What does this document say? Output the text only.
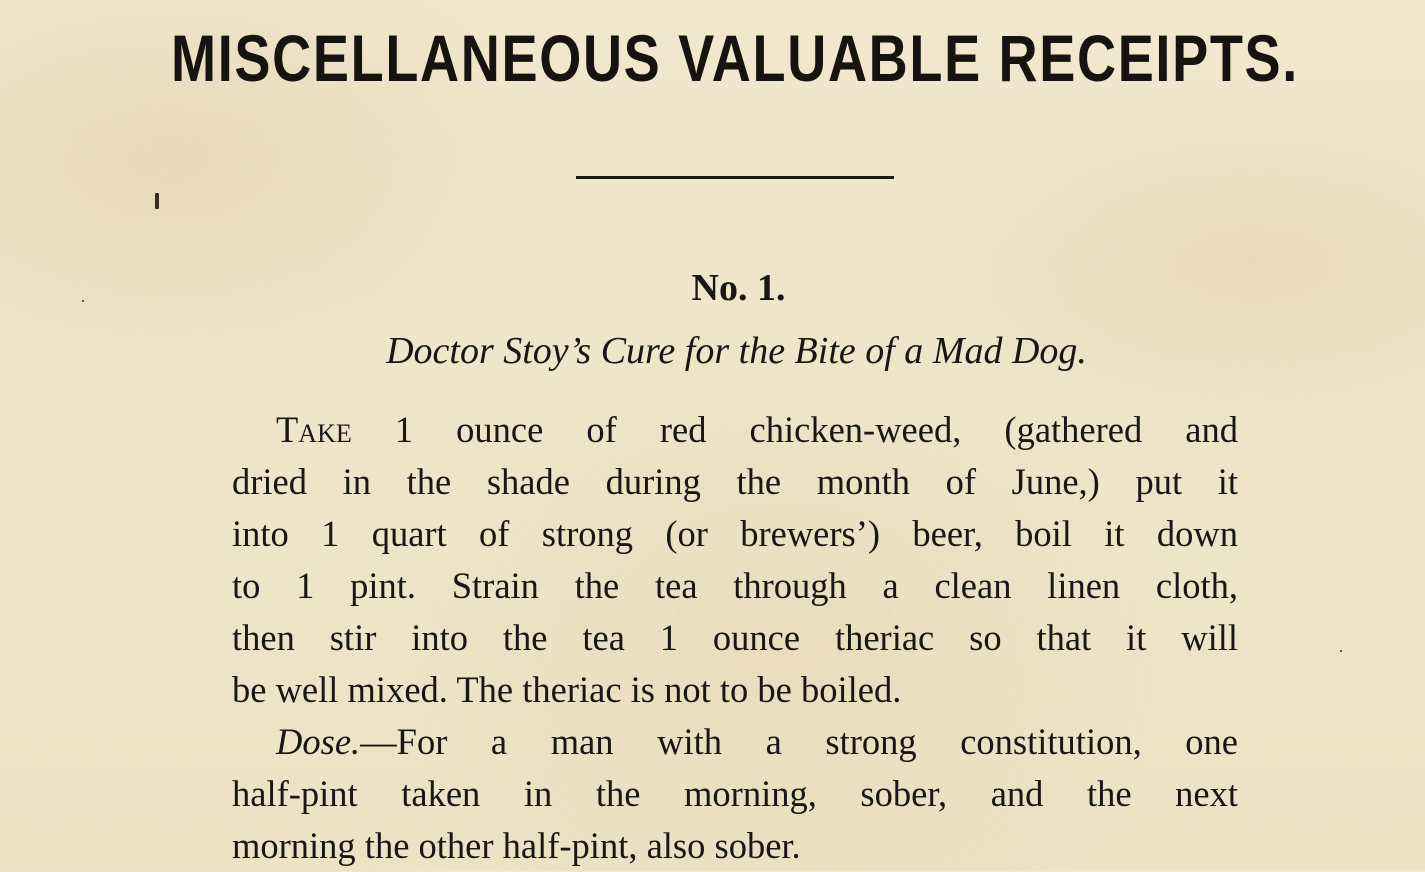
MISCELLANEOUS VALUABLE RECEIPTS.
No. 1.
Doctor Stoy’s Cure for the Bite of a Mad Dog.
Take 1 ounce of red chicken-weed, (gathered and
dried in the shade during the month of June,) put it
into 1 quart of strong (or brewers’) beer, boil it down
to 1 pint. Strain the tea through a clean linen cloth,
then stir into the tea 1 ounce theriac so that it will
be well mixed. The theriac is not to be boiled.
Dose.—For a man with a strong constitution, one
half-pint taken in the morning, sober, and the next
morning the other half-pint, also sober.
